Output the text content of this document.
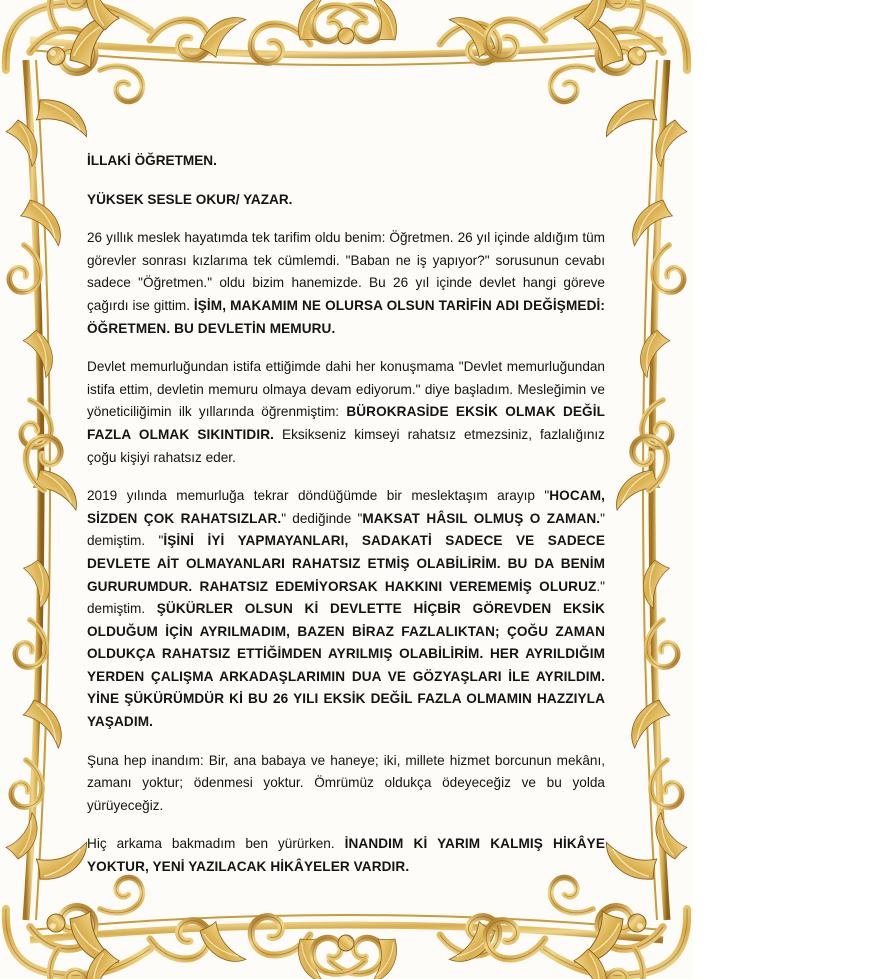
İLLAKİ ÖĞRETMEN.
YÜKSEK SESLE OKUR/ YAZAR.

26 yıllık meslek hayatımda tek tarifim oldu benim: Öğretmen. 26 yıl içinde aldığım tüm görevler sonrası kızlarıma tek cümlemdi. "Baban ne iş yapıyor?" sorusunun cevabı sadece "Öğretmen." oldu bizim hanemizde. Bu 26 yıl içinde devlet hangi göreve çağırdı ise gittim. İŞİM, MAKAMIM NE OLURSA OLSUN TARİFİN ADI DEĞİŞMEDİ: ÖĞRETMEN. BU DEVLETİN MEMURU.

Devlet memurluğundan istifa ettiğimde dahi her konuşmama "Devlet memurluğundan istifa ettim, devletin memuru olmaya devam ediyorum." diye başladım. Mesleğimin ve yöneticiliğimin ilk yıllarında öğrenmiştim: BÜROKRASİDE EKSİK OLMAK DEĞİL FAZLA OLMAK SIKINTIDIR. Eksikseniz kimseyi rahatsız etmezsiniz, fazlalığınız çoğu kişiyi rahatsız eder.

2019 yılında memurluğa tekrar döndüğümde bir meslektaşım arayıp "HOCAM, SİZDEN ÇOK RAHATSIZLAR." dediğinde "MAKSAT HÂSIL OLMUŞ O ZAMAN." demiştim. "İŞİNİ İYİ YAPMAYANLARI, SADAKATİ SADECE VE SADECE DEVLETE AİT OLMAYANLARI RAHATSIZ ETMİŞ OLABİLİRİM. BU DA BENİM GURURUMDUR. RAHATSIZ EDEMİYORSAK HAKKINI VEREMEMİŞ OLURUZ." demiştim. ŞÜKÜRLER OLSUN Kİ DEVLETTE HİÇBİR GÖREVDEN EKSİK OLDUĞUM İÇİN AYRILMADIM, BAZEN BİRAZ FAZLALIKTAN; ÇOĞU ZAMAN OLDUKÇA RAHATSIZ ETTİĞİMDEN AYRILMIŞ OLABİLİRİM. HER AYRILDIĞIM YERDEN ÇALIŞMA ARKADAŞLARIMIN DUA VE GÖZYAŞLARI İLE AYRILDIM. YİNE ŞÜKÜRÜMDÜR Kİ BU 26 YILI EKSİK DEĞİL FAZLA OLMAMIN HAZZIYLA YAŞADIM.

Şuna hep inandım: Bir, ana babaya ve haneye; iki, millete hizmet borcunun mekânı, zamanı yoktur; ödenmesi yoktur. Ömrümüz oldukça ödeyeceğiz ve bu yolda yürüyeceğiz.

Hiç arkama bakmadım ben yürürken. İNANDIM Kİ YARIM KALMIŞ HİKÂYE YOKTUR, YENİ YAZILACAK HİKÂYELER VARDIR.
